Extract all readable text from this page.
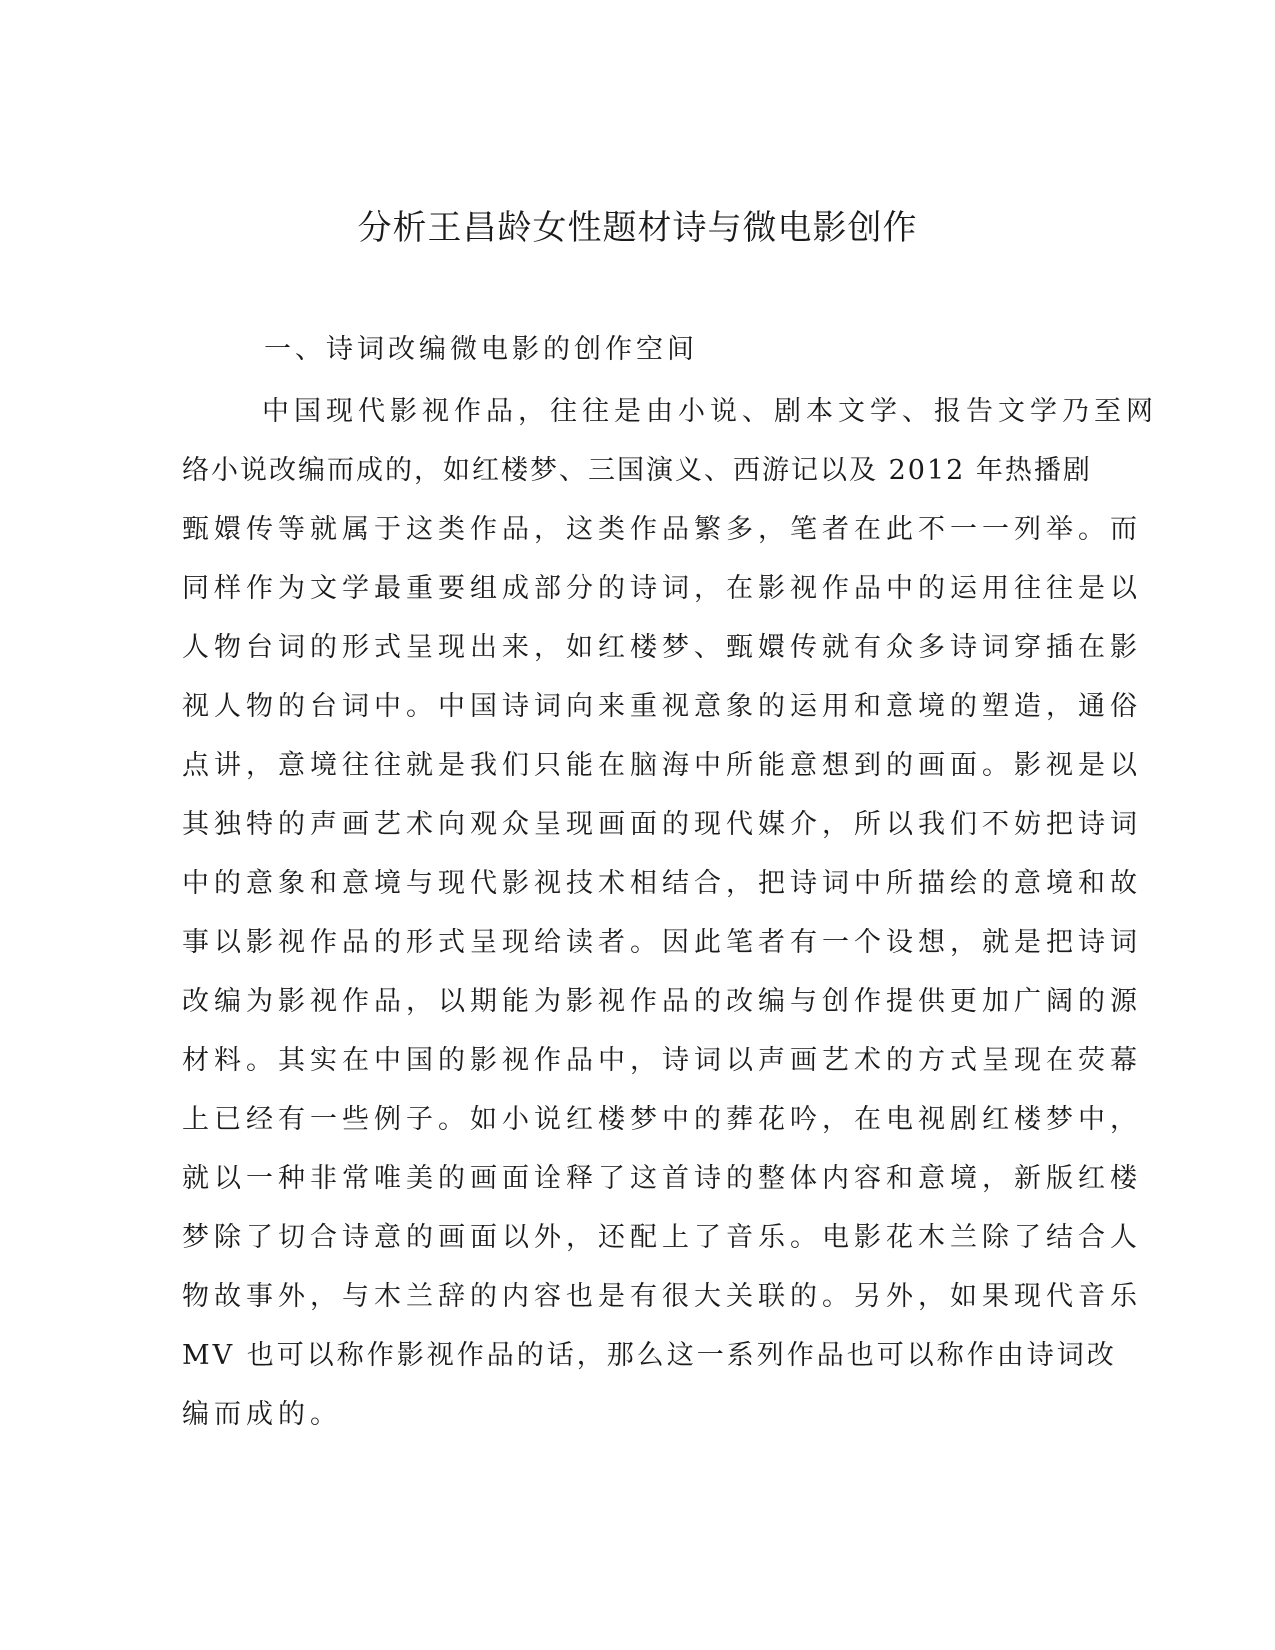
分析王昌龄女性题材诗与微电影创作
一、诗词改编微电影的创作空间
中国现代影视作品，往往是由小说、剧本文学、报告文学乃至网
络小说改编而成的，如红楼梦、三国演义、西游记以及 2012 年热播剧
甄嬛传等就属于这类作品，这类作品繁多，笔者在此不一一列举。而
同样作为文学最重要组成部分的诗词，在影视作品中的运用往往是以
人物台词的形式呈现出来，如红楼梦、甄嬛传就有众多诗词穿插在影
视人物的台词中。中国诗词向来重视意象的运用和意境的塑造，通俗
点讲，意境往往就是我们只能在脑海中所能意想到的画面。影视是以
其独特的声画艺术向观众呈现画面的现代媒介，所以我们不妨把诗词
中的意象和意境与现代影视技术相结合，把诗词中所描绘的意境和故
事以影视作品的形式呈现给读者。因此笔者有一个设想，就是把诗词
改编为影视作品，以期能为影视作品的改编与创作提供更加广阔的源
材料。其实在中国的影视作品中，诗词以声画艺术的方式呈现在荧幕
上已经有一些例子。如小说红楼梦中的葬花吟，在电视剧红楼梦中，
就以一种非常唯美的画面诠释了这首诗的整体内容和意境，新版红楼
梦除了切合诗意的画面以外，还配上了音乐。电影花木兰除了结合人
物故事外，与木兰辞的内容也是有很大关联的。另外，如果现代音乐
MV 也可以称作影视作品的话，那么这一系列作品也可以称作由诗词改
编而成的。
